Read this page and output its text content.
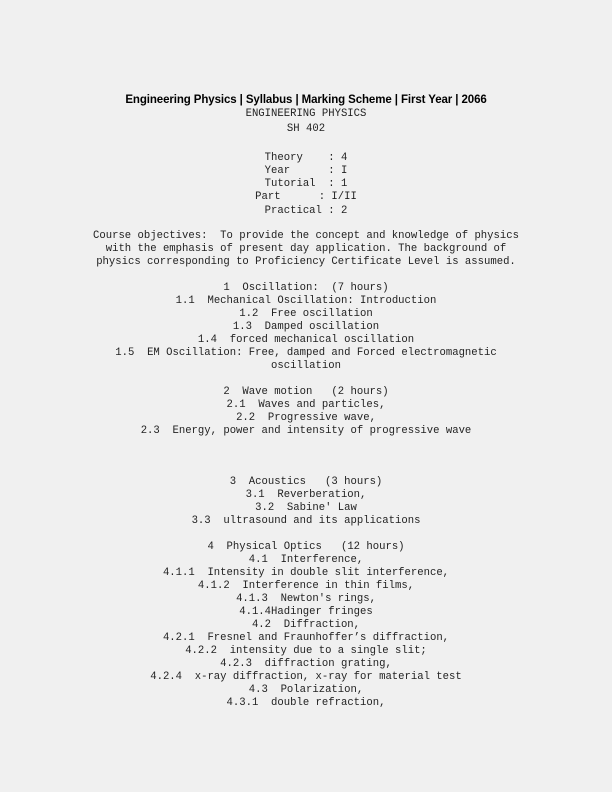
Engineering Physics | Syllabus | Marking Scheme | First Year | 2066
ENGINEERING PHYSICS
SH 402
Theory    : 4
Year      : I
Tutorial  : 1
Part      : I/II
Practical : 2
Course objectives:  To provide the concept and knowledge of physics
with the emphasis of present day application. The background of
physics corresponding to Proficiency Certificate Level is assumed.
1  Oscillation:  (7 hours)
1.1  Mechanical Oscillation: Introduction
1.2  Free oscillation
1.3  Damped oscillation
1.4  forced mechanical oscillation
1.5  EM Oscillation: Free, damped and Forced electromagnetic
oscillation
2  Wave motion   (2 hours)
2.1  Waves and particles,
2.2  Progressive wave,
2.3  Energy, power and intensity of progressive wave
3  Acoustics   (3 hours)
3.1  Reverberation,
3.2  Sabine' Law
3.3  ultrasound and its applications
4  Physical Optics   (12 hours)
4.1  Interference,
4.1.1  Intensity in double slit interference,
4.1.2  Interference in thin films,
4.1.3  Newton's rings,
4.1.4Hadinger fringes
4.2  Diffraction,
4.2.1  Fresnel and Fraunhoffer’s diffraction,
4.2.2  intensity due to a single slit;
4.2.3  diffraction grating,
4.2.4  x-ray diffraction, x-ray for material test
4.3  Polarization,
4.3.1  double refraction,
